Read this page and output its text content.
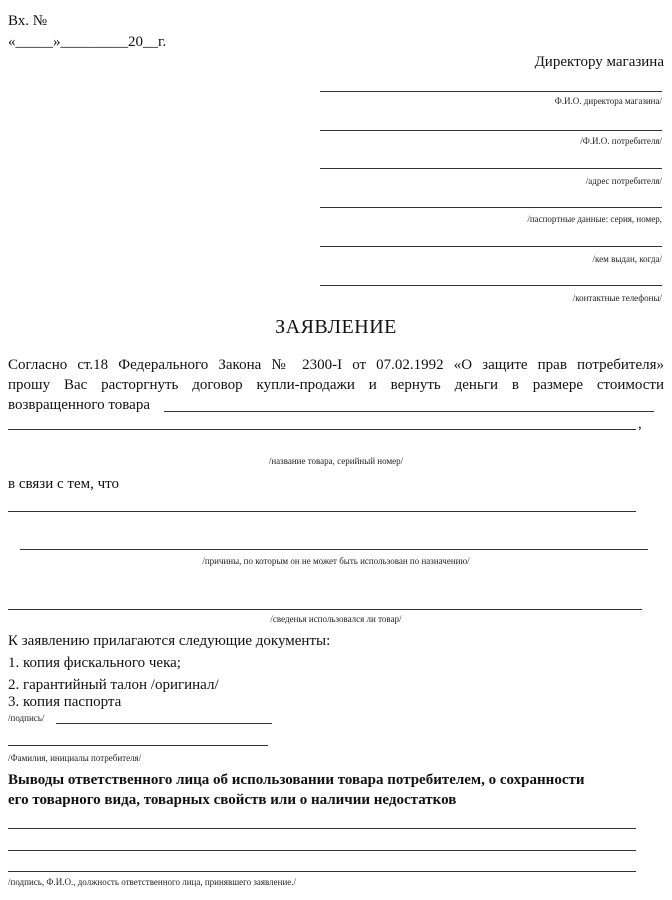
Вх. №
«_____»_________20__г.
Директору магазина
Ф.И.О. директора магазина/
/Ф.И.О. потребителя/
/адрес потребителя/
/паспортные данные: серия, номер,
/кем выдан, когда/
/контактные телефоны/
ЗАЯВЛЕНИЕ
Согласно ст.18 Федерального Закона № 2300-I от 07.02.1992 «О защите прав потребителя»
прошу Вас расторгнуть договор купли-продажи и вернуть деньги в размере стоимости
возвращенного товара
,
/название товара, серийный номер/
в связи с тем, что
/причины, по которым он не может быть использован по назначению/
/сведенья использовался ли товар/
К заявлению прилагаются следующие документы:
1. копия фискального чека;
2. гарантийный талон /оригинал/
3. копия паспорта
/подпись/
/Фамилия, инициалы потребителя/
Выводы ответственного лица об использовании товара потребителем, о сохранности
его товарного вида, товарных свойств или о наличии недостатков
/подпись, Ф.И.О., должность ответственного лица, принявшего заявление./
